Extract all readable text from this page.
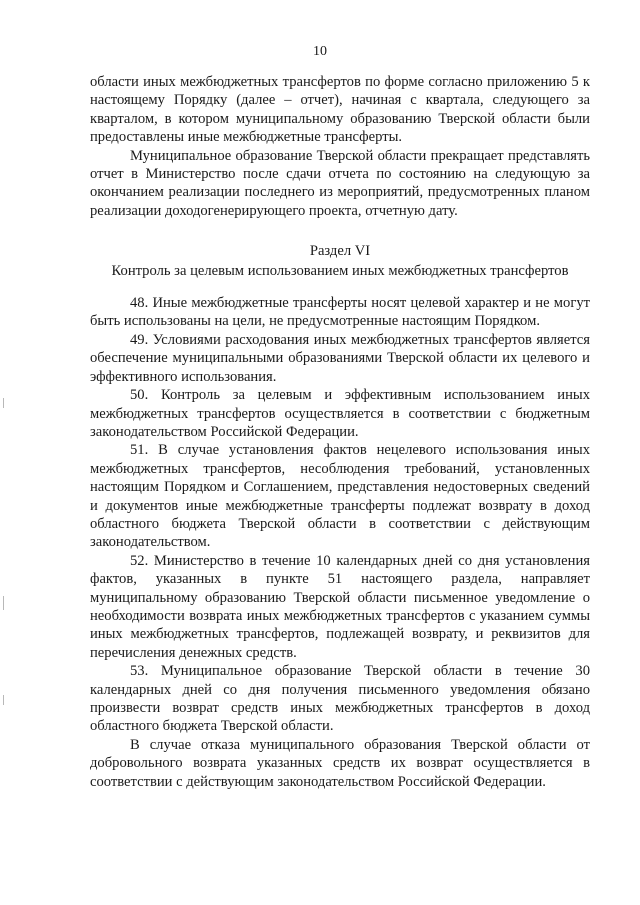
10

области иных межбюджетных трансфертов по форме согласно приложению 5 к настоящему Порядку (далее – отчет), начиная с квартала, следующего за кварталом, в котором муниципальному образованию Тверской области были предоставлены иные межбюджетные трансферты.

Муниципальное образование Тверской области прекращает представлять отчет в Министерство после сдачи отчета по состоянию на следующую за окончанием реализации последнего из мероприятий, предусмотренных планом реализации доходогенерирующего проекта, отчетную дату.

Раздел VI
Контроль за целевым использованием иных межбюджетных трансфертов

48. Иные межбюджетные трансферты носят целевой характер и не могут быть использованы на цели, не предусмотренные настоящим Порядком.

49. Условиями расходования иных межбюджетных трансфертов является обеспечение муниципальными образованиями Тверской области их целевого и эффективного использования.

50. Контроль за целевым и эффективным использованием иных межбюджетных трансфертов осуществляется в соответствии с бюджетным законодательством Российской Федерации.

51. В случае установления фактов нецелевого использования иных межбюджетных трансфертов, несоблюдения требований, установленных настоящим Порядком и Соглашением, представления недостоверных сведений и документов иные межбюджетные трансферты подлежат возврату в доход областного бюджета Тверской области в соответствии с действующим законодательством.

52. Министерство в течение 10 календарных дней со дня установления фактов, указанных в пункте 51 настоящего раздела, направляет муниципальному образованию Тверской области письменное уведомление о необходимости возврата иных межбюджетных трансфертов с указанием суммы иных межбюджетных трансфертов, подлежащей возврату, и реквизитов для перечисления денежных средств.

53. Муниципальное образование Тверской области в течение 30 календарных дней со дня получения письменного уведомления обязано произвести возврат средств иных межбюджетных трансфертов в доход областного бюджета Тверской области.

В случае отказа муниципального образования Тверской области от добровольного возврата указанных средств их возврат осуществляется в соответствии с действующим законодательством Российской Федерации.
